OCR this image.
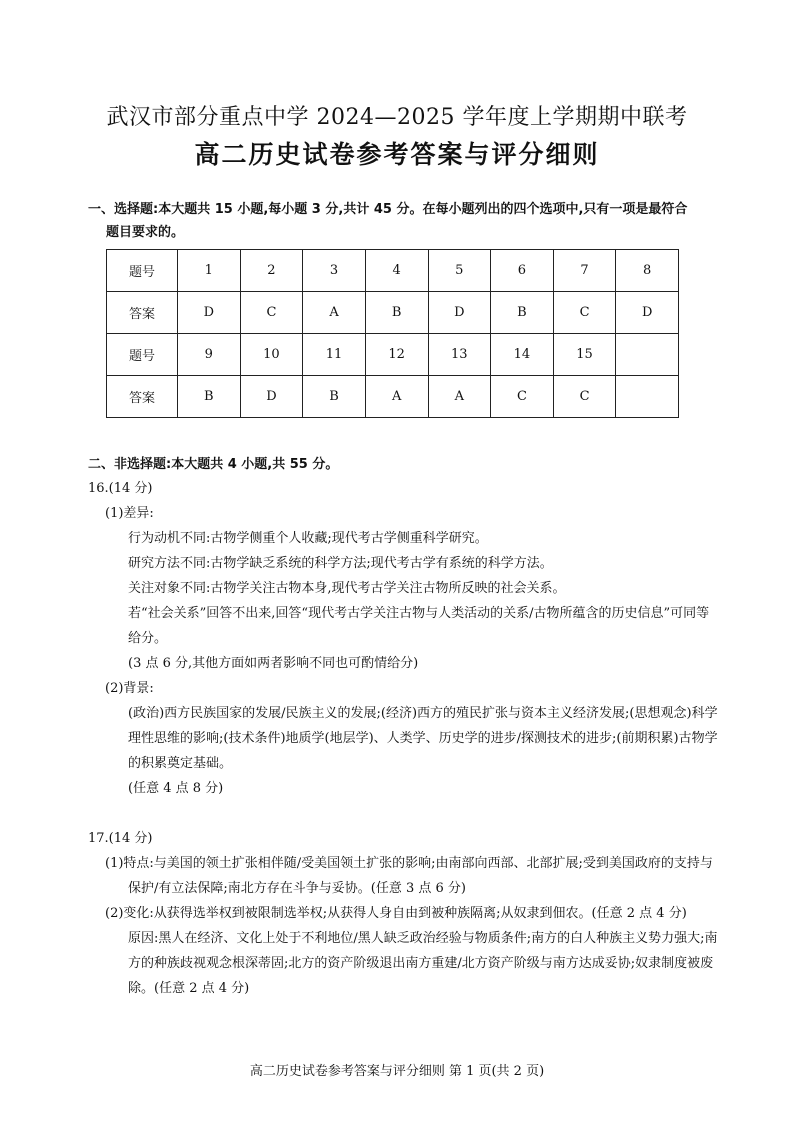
武汉市部分重点中学 2024—2025 学年度上学期期中联考
高二历史试卷参考答案与评分细则
一、选择题:本大题共 15 小题,每小题 3 分,共计 45 分。在每小题列出的四个选项中,只有一项是最符合
题目要求的。
题号	1	2	3	4	5	6	7	8
答案	D	C	A	B	D	B	C	D
题号	9	10	11	12	13	14	15	
答案	B	D	B	A	A	C	C	
二、非选择题:本大题共 4 小题,共 55 分。
16.(14 分)
(1)差异:
行为动机不同:古物学侧重个人收藏;现代考古学侧重科学研究。
研究方法不同:古物学缺乏系统的科学方法;现代考古学有系统的科学方法。
关注对象不同:古物学关注古物本身,现代考古学关注古物所反映的社会关系。
若“社会关系”回答不出来,回答“现代考古学关注古物与人类活动的关系/古物所蕴含的历史信息”可同等给分。
(3 点 6 分,其他方面如两者影响不同也可酌情给分)
(2)背景:
(政治)西方民族国家的发展/民族主义的发展;(经济)西方的殖民扩张与资本主义经济发展;(思想观念)科学理性思维的影响;(技术条件)地质学(地层学)、人类学、历史学的进步/探测技术的进步;(前期积累)古物学的积累奠定基础。
(任意 4 点 8 分)
17.(14 分)
(1)特点:与美国的领土扩张相伴随/受美国领土扩张的影响;由南部向西部、北部扩展;受到美国政府的支持与保护/有立法保障;南北方存在斗争与妥协。(任意 3 点 6 分)
(2)变化:从获得选举权到被限制选举权;从获得人身自由到被种族隔离;从奴隶到佃农。(任意 2 点 4 分)
原因:黑人在经济、文化上处于不利地位/黑人缺乏政治经验与物质条件;南方的白人种族主义势力强大;南方的种族歧视观念根深蒂固;北方的资产阶级退出南方重建/北方资产阶级与南方达成妥协;奴隶制度被废除。(任意 2 点 4 分)
高二历史试卷参考答案与评分细则 第 1 页(共 2 页)
